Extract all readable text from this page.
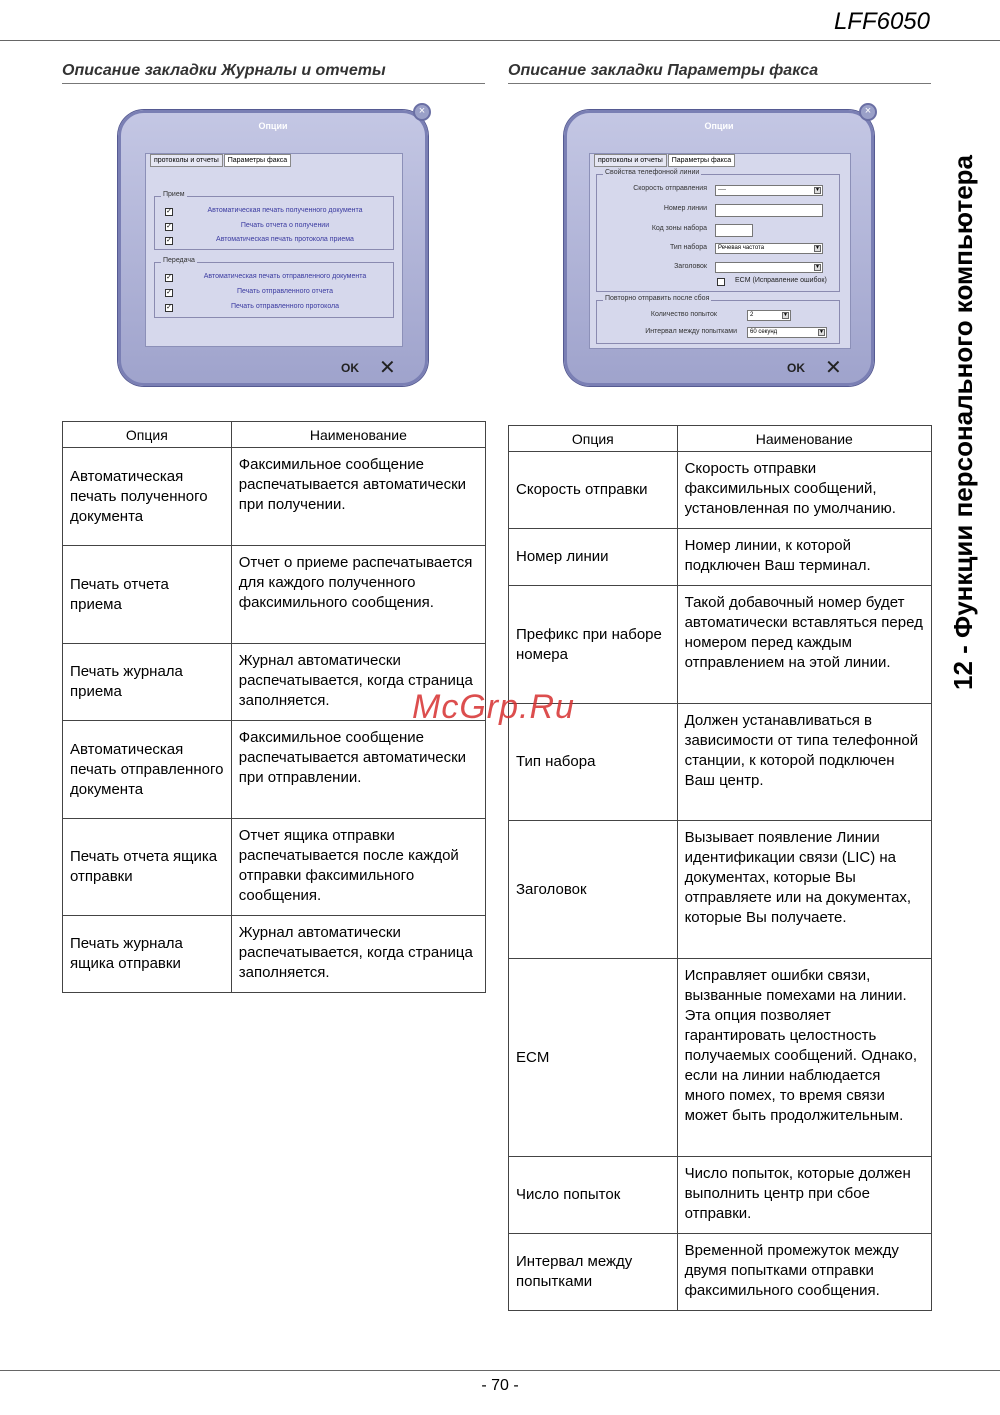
LFF6050
12 - Функции персонального компьютера
Описание закладки Журналы и отчеты
Опции
×
протоколы и отчеты	Параметры факса
Прием
✓	Автоматическая печать полученного документа
✓	Печать отчета о получении
✓	Автоматическая печать протокола приема
Передача
✓	Автоматическая печать отправленного документа
✓	Печать отправленного отчета
✓	Печать отправленного протокола
OK ✕
Опция	Наименование
Автоматическая печать полученного документа	Факсимильное сообщение распечатывается автоматически при получении.
Печать отчета приема	Отчет о приеме распечатывается для каждого полученного факсимильного сообщения.
Печать журнала приема	Журнал автоматически распечатывается, когда страница заполняется.
Автоматическая печать отправленного документа	Факсимильное сообщение распечатывается автоматически при отправлении.
Печать отчета ящика отправки	Отчет ящика отправки распечатывается после каждой отправки факсимильного сообщения.
Печать журнала ящика отправки	Журнал автоматически распечатывается, когда страница заполняется.
Описание закладки Параметры факса
Опции
×
протоколы и отчеты	Параметры факса
Свойства телефонной линии
Скорость отправления	----	▼
Номер линии
Код зоны набора
Тип набора	Речевая частота	▼
Заголовок	▼
ECM (Исправление ошибок)
Повторно отправить после сбоя
Количество попыток	2	▼
Интервал между попытками	60 секунд	▼
OK ✕
Опция	Наименование
Скорость отправки	Скорость отправки факсимильных сообщений, установленная по умолчанию.
Номер линии	Номер линии, к которой подключен Ваш терминал.
Префикс при наборе номера	Такой добавочный номер будет автоматически вставляться перед номером перед каждым отправлением на этой линии.
Тип набора	Должен устанавливаться в зависимости от типа телефонной станции, к которой подключен Ваш центр.
Заголовок	Вызывает появление Линии идентификации связи (LIC) на документах, которые Вы отправляете или на документах, которые Вы получаете.
ECM	Исправляет ошибки связи, вызванные помехами на линии. Эта опция позволяет гарантировать целостность получаемых сообщений. Однако, если на линии наблюдается много помех, то время связи может быть продолжительным.
Число попыток	Число попыток, которые должен выполнить центр при сбое отправки.
Интервал между попытками	Временной промежуток между двумя попытками отправки факсимильного сообщения.
McGrp.Ru
- 70 -
